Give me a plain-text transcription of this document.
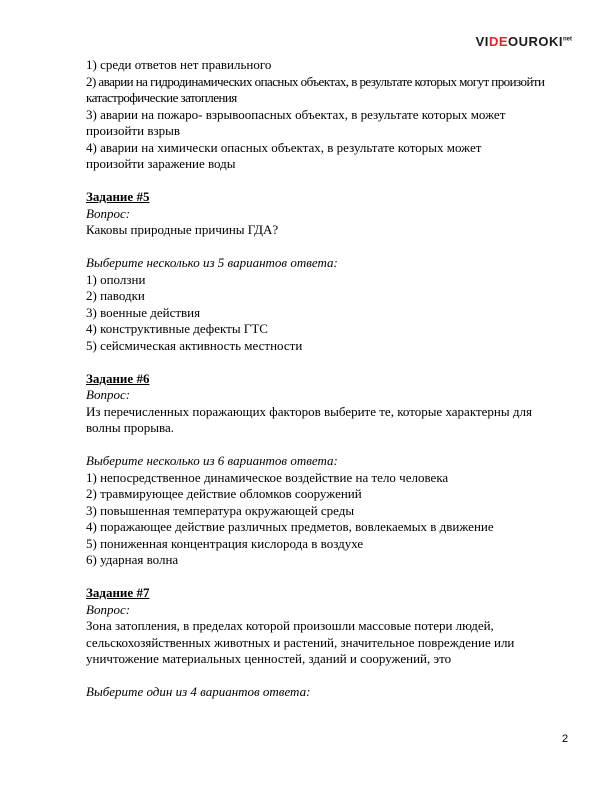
$VIDEOUROKI^{net}$
1) среди ответов нет правильного
2) аварии на гидродинамических опасных объектах, в результате которых могут произойти
катастрофические затопления
3) аварии на пожаро- взрывоопасных объектах, в результате которых может
произойти взрыв
4) аварии на химически опасных объектах, в результате которых может
произойти заражение воды
Задание #5
Вопрос:
Каковы природные причины ГДА?
Выберите несколько из 5 вариантов ответа:
1) оползни
2) паводки
3) военные действия
4) конструктивные дефекты ГТС
5) сейсмическая активность местности
Задание #6
Вопрос:
Из перечисленных поражающих факторов выберите те, которые характерны для
волны прорыва.
Выберите несколько из 6 вариантов ответа:
1) непосредственное динамическое воздействие на тело человека
2) травмирующее действие обломков сооружений
3) повышенная температура окружающей среды
4) поражающее действие различных предметов, вовлекаемых в движение
5) пониженная концентрация кислорода в воздухе
6) ударная волна
Задание #7
Вопрос:
Зона затопления, в пределах которой произошли массовые потери людей,
сельскохозяйственных животных и растений, значительное повреждение или
уничтожение материальных ценностей, зданий и сооружений, это
Выберите один из 4 вариантов ответа:
2
